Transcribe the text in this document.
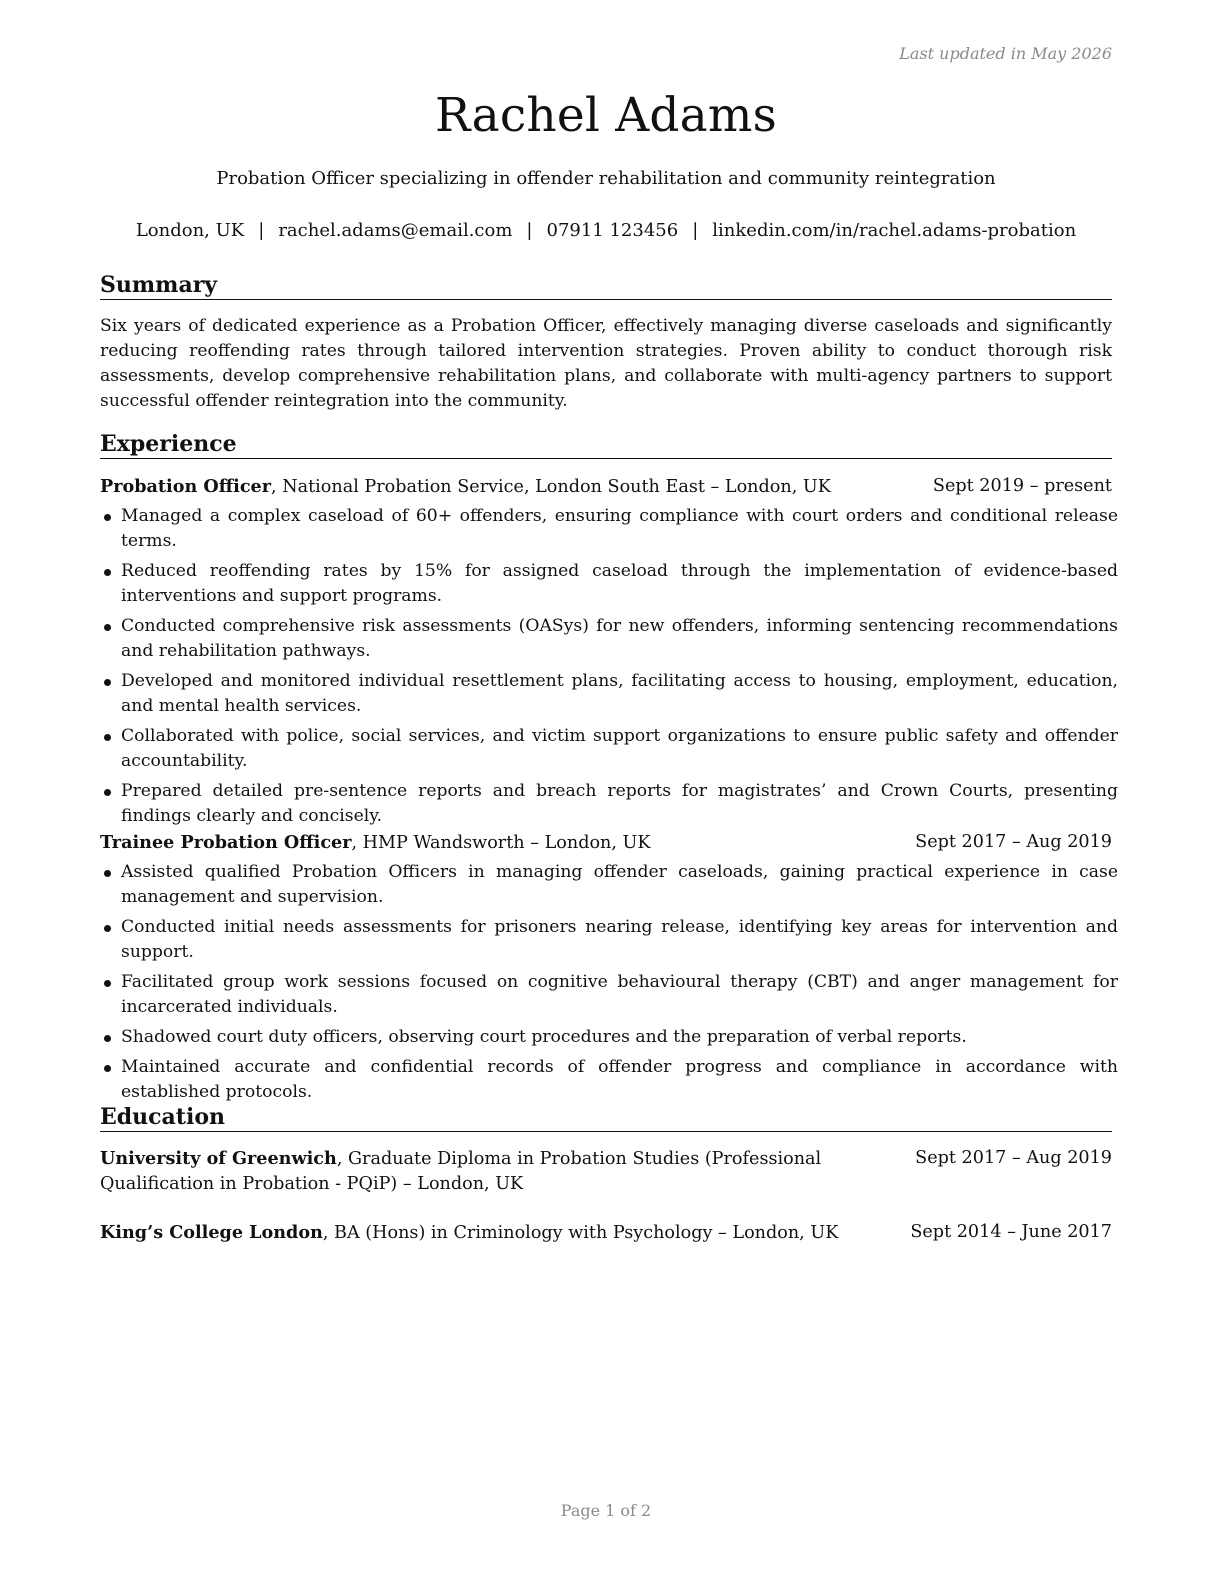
Last updated in May 2026
Rachel Adams
Probation Officer specializing in offender rehabilitation and community reintegration
London, UK | rachel.adams@email.com | 07911 123456 | linkedin.com/in/rachel.adams-probation
Summary
Six years of dedicated experience as a Probation Officer, effectively managing diverse caseloads and significantly reducing reoffending rates through tailored intervention strategies. Proven ability to conduct thorough risk assessments, develop comprehensive rehabilitation plans, and collaborate with multi-agency partners to support successful offender reintegration into the community.
Experience
Probation Officer, National Probation Service, London South East – London, UK	Sept 2019 – present
Managed a complex caseload of 60+ offenders, ensuring compliance with court orders and conditional release terms.
Reduced reoffending rates by 15% for assigned caseload through the implementation of evidence-based interventions and support programs.
Conducted comprehensive risk assessments (OASys) for new offenders, informing sentencing recommendations and rehabilitation pathways.
Developed and monitored individual resettlement plans, facilitating access to housing, employment, education, and mental health services.
Collaborated with police, social services, and victim support organizations to ensure public safety and offender accountability.
Prepared detailed pre-sentence reports and breach reports for magistrates’ and Crown Courts, presenting findings clearly and concisely.
Trainee Probation Officer, HMP Wandsworth – London, UK	Sept 2017 – Aug 2019
Assisted qualified Probation Officers in managing offender caseloads, gaining practical experience in case management and supervision.
Conducted initial needs assessments for prisoners nearing release, identifying key areas for intervention and support.
Facilitated group work sessions focused on cognitive behavioural therapy (CBT) and anger management for incarcerated individuals.
Shadowed court duty officers, observing court procedures and the preparation of verbal reports.
Maintained accurate and confidential records of offender progress and compliance in accordance with established protocols.
Education
University of Greenwich, Graduate Diploma in Probation Studies (Professional Qualification in Probation - PQiP) – London, UK
Sept 2017 – Aug 2019
King’s College London, BA (Hons) in Criminology with Psychology – London, UK	Sept 2014 – June 2017
Page 1 of 2
